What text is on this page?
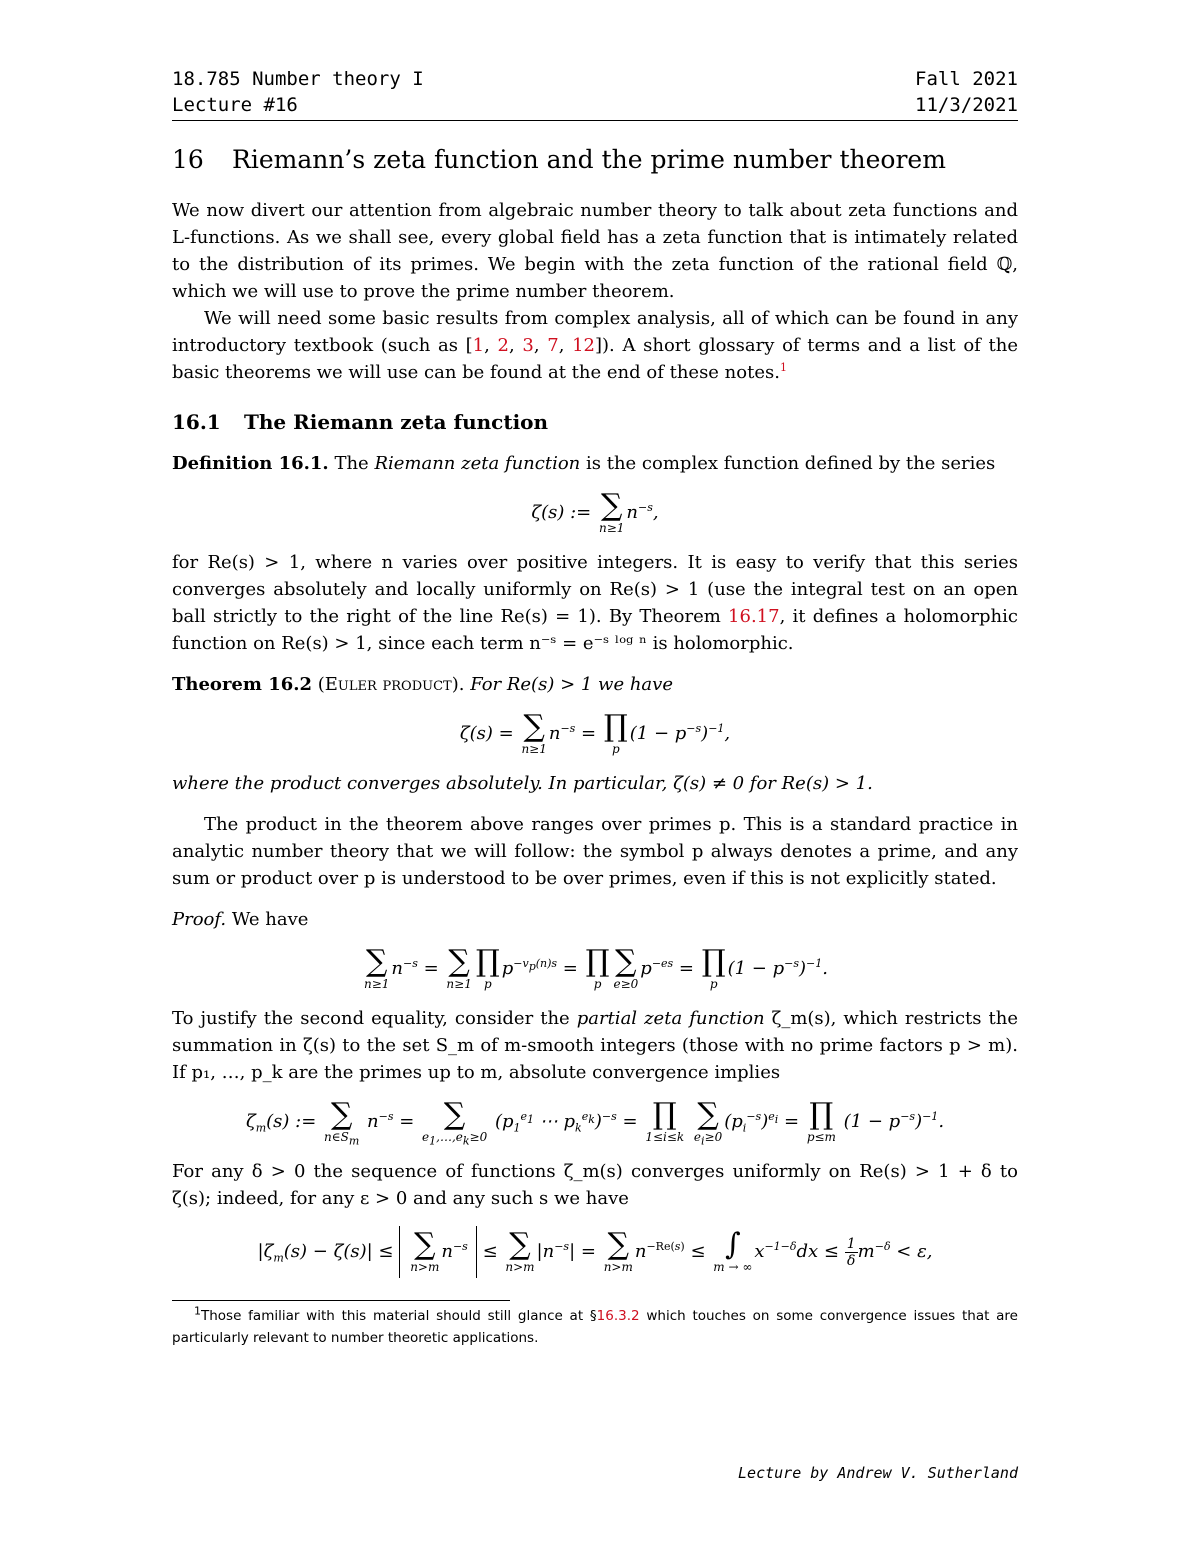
18.785 Number theory I	Fall 2021
Lecture #16	11/3/2021
16 Riemann’s zeta function and the prime number theorem

We now divert our attention from algebraic number theory to talk about zeta functions and L-functions. As we shall see, every global field has a zeta function that is intimately related to the distribution of its primes. We begin with the zeta function of the rational field ℚ, which we will use to prove the prime number theorem.

We will need some basic results from complex analysis, all of which can be found in any introductory textbook (such as [1, 2, 3, 7, 12]). A short glossary of terms and a list of the basic theorems we will use can be found at the end of these notes.$^1$

16.1 The Riemann zeta function

Definition 16.1. The Riemann zeta function is the complex function defined by the series

ζ(s) := ∑
n≥1
$n^{-s}$,

for Re(s) > 1, where n varies over positive integers. It is easy to verify that this series converges absolutely and locally uniformly on Re(s) > 1 (use the integral test on an open ball strictly to the right of the line Re(s) = 1). By Theorem 16.17, it defines a holomorphic function on Re(s) > 1, since each term n⁻ˢ = e⁻ˢ ˡᵒᵍ ⁿ is holomorphic.

Theorem 16.2 (Euler product). For Re(s) > 1 we have

ζ(s) = ∑
n≥1
$n^{-s}$ = ∏
p
$(1 - p^{-s})^{-1}$,

where the product converges absolutely. In particular, ζ(s) ≠ 0 for Re(s) > 1.

The product in the theorem above ranges over primes p. This is a standard practice in analytic number theory that we will follow: the symbol p always denotes a prime, and any sum or product over p is understood to be over primes, even if this is not explicitly stated.

Proof. We have

∑
n≥1
$n^{-s}$ = ∑
n≥1
∏
p
$p^{-v_p(n)s}$ = ∏
p
∑
e≥0
$p^{-es}$ = ∏
p
$(1 - p^{-s})^{-1}$.

To justify the second equality, consider the partial zeta function ζ_m(s), which restricts the summation in ζ(s) to the set S_m of m-smooth integers (those with no prime factors p > m). If p₁, …, p_k are the primes up to m, absolute convergence implies

$\zeta_m(s)$ := ∑
$n\in S_m$
$n^{-s}$ = ∑
$e_1,\dots,e_k\ge 0$
($p_1^{e_1}$ ⋯ $p_k^{e_k})^{-s}$ = ∏
1≤i≤k

∑
$e_i\ge 0$
$(p_i^{-s})^{e_i}$ = ∏
p≤m
$(1 - p^{-s})^{-1}$.

For any δ > 0 the sequence of functions ζ_m(s) converges uniformly on Re(s) > 1 + δ to ζ(s); indeed, for any ε > 0 and any such s we have

$|\zeta_m(s) - \zeta(s)|$ ≤ ∑
n>m
$n^{-s}$ ≤ ∑
n>m
$|n^{-s}|$ = ∑
n>m
$n^{-Re(s)}$ ≤ ∫
m → ∞
$x^{-1-\delta}dx \le \frac{1}{\delta} m^{-\delta} < \varepsilon$,

$^1$Those familiar with this material should still glance at §16.3.2 which touches on some convergence issues that are particularly relevant to number theoretic applications.

Lecture by Andrew V. Sutherland
